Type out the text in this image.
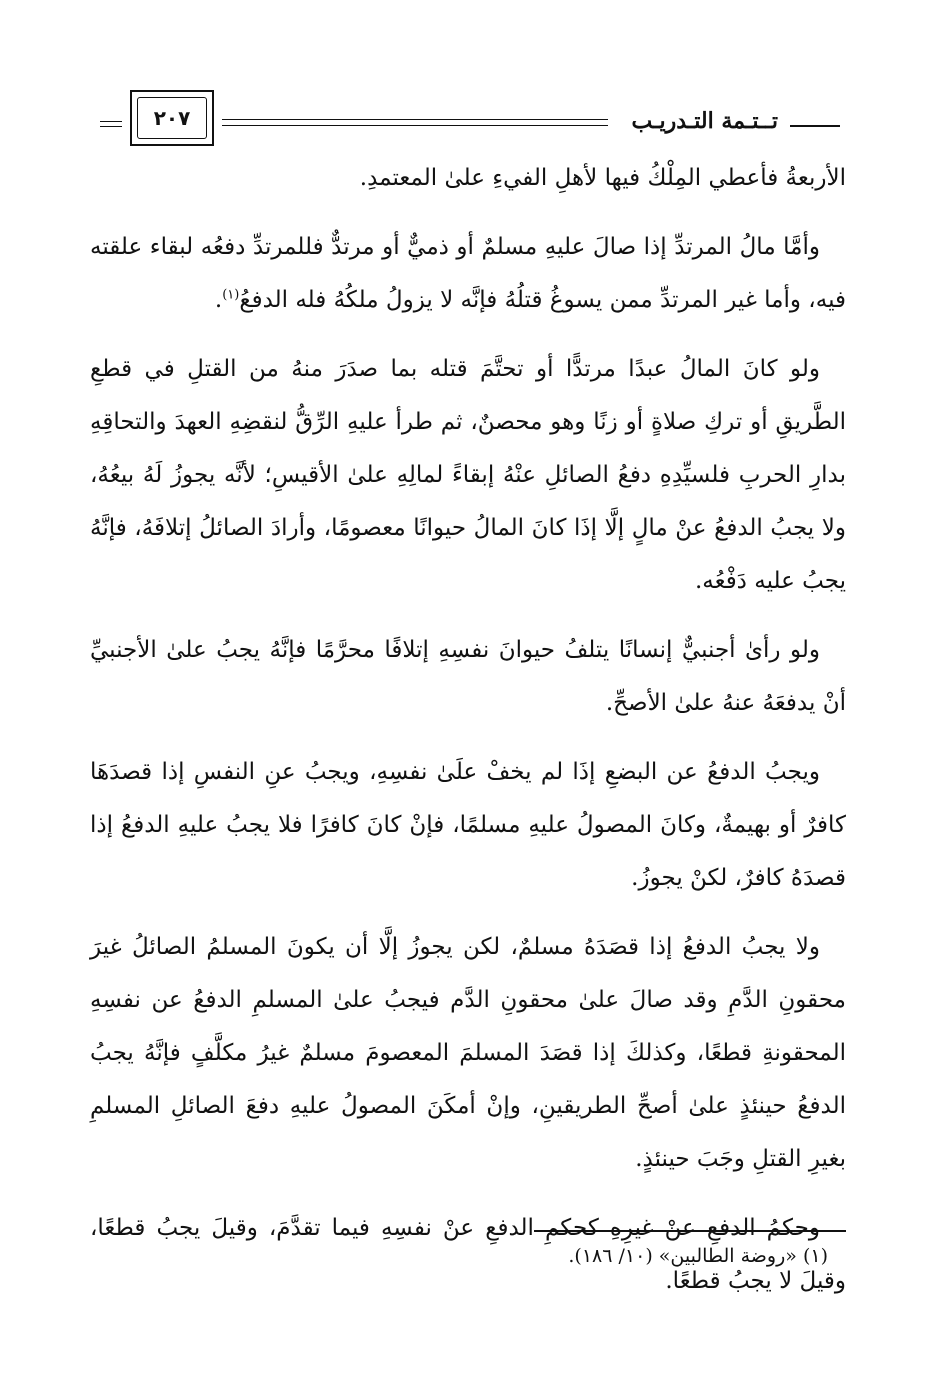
تــتـمة التـدريـب
٢٠٧

الأربعةُ فأعطي المِلْكُ فيها لأهلِ الفيءِ علىٰ المعتمدِ.

وأمَّا مالُ المرتدِّ إذا صالَ عليهِ مسلمٌ أو ذميٌّ أو مرتدٌّ فللمرتدِّ دفعُه لبقاء علقته فيه، وأما غير المرتدِّ ممن يسوغُ قتلُهُ فإنَّه لا يزولُ ملكُهُ فله الدفعُ$^{(١)}$.

ولو كانَ المالُ عبدًا مرتدًّا أو تحتَّمَ قتله بما صدَرَ منهُ من القتلِ في قطعِ الطَّريقِ أو تركِ صلاةٍ أو زنًا وهو محصنٌ، ثم طرأ عليهِ الرِّقُّ لنقضِهِ العهدَ والتحاقِهِ بدارِ الحربِ فلسيِّدِهِ دفعُ الصائلِ عنْهُ إبقاءً لمالِهِ علىٰ الأقيسِ؛ لأنَّه يجوزُ لَهُ بيعُهُ، ولا يجبُ الدفعُ عنْ مالٍ إلَّا إذَا كانَ المالُ حيوانًا معصومًا، وأرادَ الصائلُ إتلافَهُ، فإنَّهُ يجبُ عليه دَفْعُه.

ولو رأىٰ أجنبيٌّ إنسانًا يتلفُ حيوانَ نفسِهِ إتلافًا محرَّمًا فإنَّهُ يجبُ علىٰ الأجنبيِّ أنْ يدفعَهُ عنهُ علىٰ الأصحِّ.

ويجبُ الدفعُ عن البضعِ إذَا لم يخفْ علَىٰ نفسِهِ، ويجبُ عنِ النفسِ إذا قصدَهَا كافرٌ أو بهيمةٌ، وكانَ المصولُ عليهِ مسلمًا، فإنْ كانَ كافرًا فلا يجبُ عليهِ الدفعُ إذا قصدَهُ كافرٌ، لكنْ يجوزُ.

ولا يجبُ الدفعُ إذا قصَدَهُ مسلمٌ، لكن يجوزُ إلَّا أن يكونَ المسلمُ الصائلُ غيرَ محقونِ الدَّمِ وقد صالَ علىٰ محقونِ الدَّم فيجبُ علىٰ المسلمِ الدفعُ عن نفسِهِ المحقونةِ قطعًا، وكذلكَ إذا قصَدَ المسلمَ المعصومَ مسلمٌ غيرُ مكلَّفٍ فإنَّهُ يجبُ الدفعُ حينئذٍ علىٰ أصحِّ الطريقينِ، وإنْ أمكَنَ المصولُ عليهِ دفعَ الصائلِ المسلمِ بغيرِ القتلِ وجَبَ حينئذٍ.

وحكمُ الدفعِ عنْ غيرِهِ كحكمِ الدفعِ عنْ نفسِهِ فيما تقدَّمَ، وقيلَ يجبُ قطعًا، وقيلَ لا يجبُ قطعًا.

(١) «روضة الطالبين» (١٠/ ١٨٦).
